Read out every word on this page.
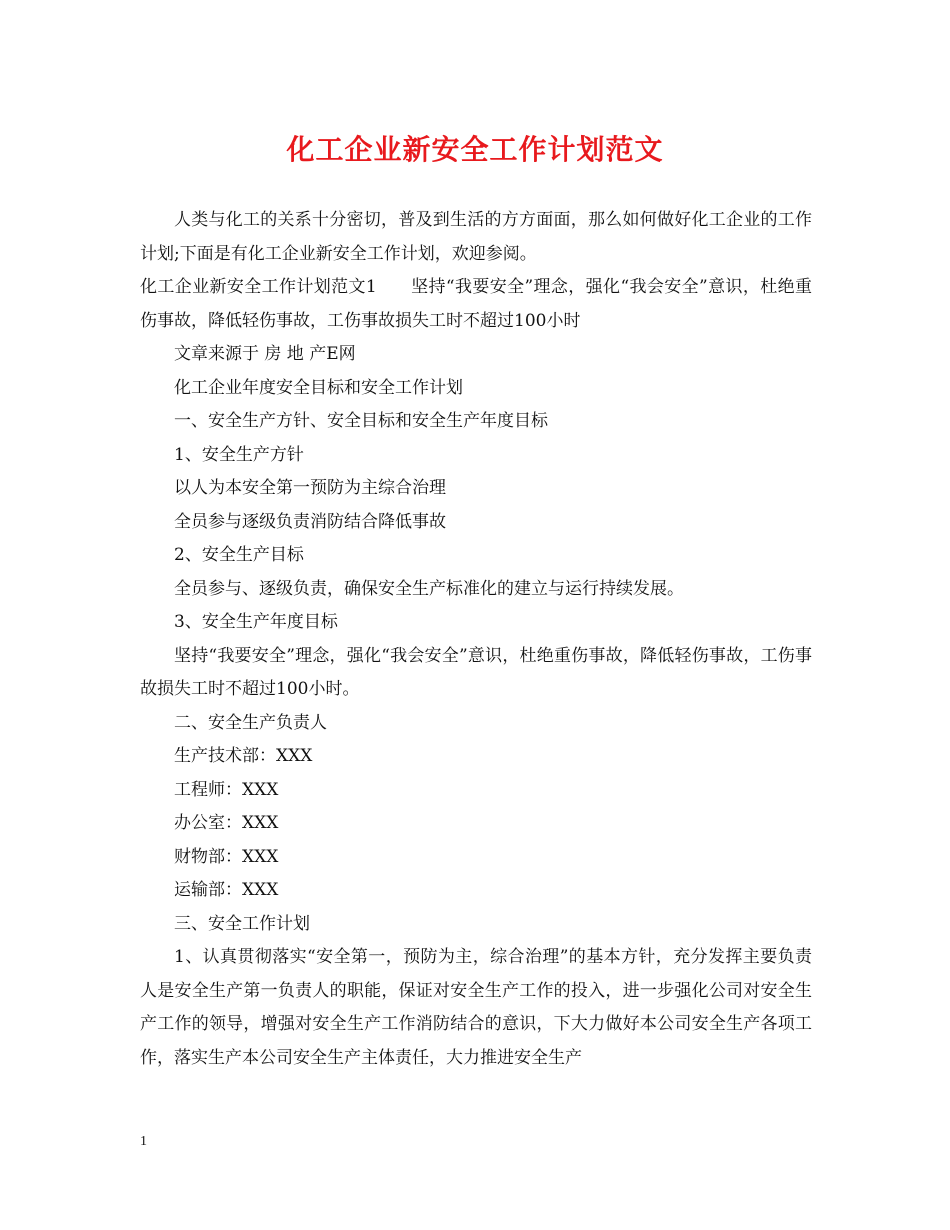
化工企业新安全工作计划范文

人类与化工的关系十分密切，普及到生活的方方面面，那么如何做好化工企业的工作计划;下面是有化工企业新安全工作计划，欢迎参阅。

化工企业新安全工作计划范文1 坚持“我要安全”理念，强化“我会安全”意识，杜绝重伤事故，降低轻伤事故，工伤事故损失工时不超过100小时

文章来源于 房 地 产E网

化工企业年度安全目标和安全工作计划

一、安全生产方针、安全目标和安全生产年度目标

1、安全生产方针

以人为本安全第一预防为主综合治理

全员参与逐级负责消防结合降低事故

2、安全生产目标

全员参与、逐级负责，确保安全生产标准化的建立与运行持续发展。

3、安全生产年度目标

坚持“我要安全”理念，强化“我会安全”意识，杜绝重伤事故，降低轻伤事故，工伤事故损失工时不超过100小时。

二、安全生产负责人

生产技术部：XXX

工程师：XXX

办公室：XXX

财物部：XXX

运输部：XXX

三、安全工作计划

1、认真贯彻落实“安全第一，预防为主，综合治理”的基本方针，充分发挥主要负责人是安全生产第一负责人的职能，保证对安全生产工作的投入，进一步强化公司对安全生产工作的领导，增强对安全生产工作消防结合的意识，下大力做好本公司安全生产各项工作，落实生产本公司安全生产主体责任，大力推进安全生产

1
